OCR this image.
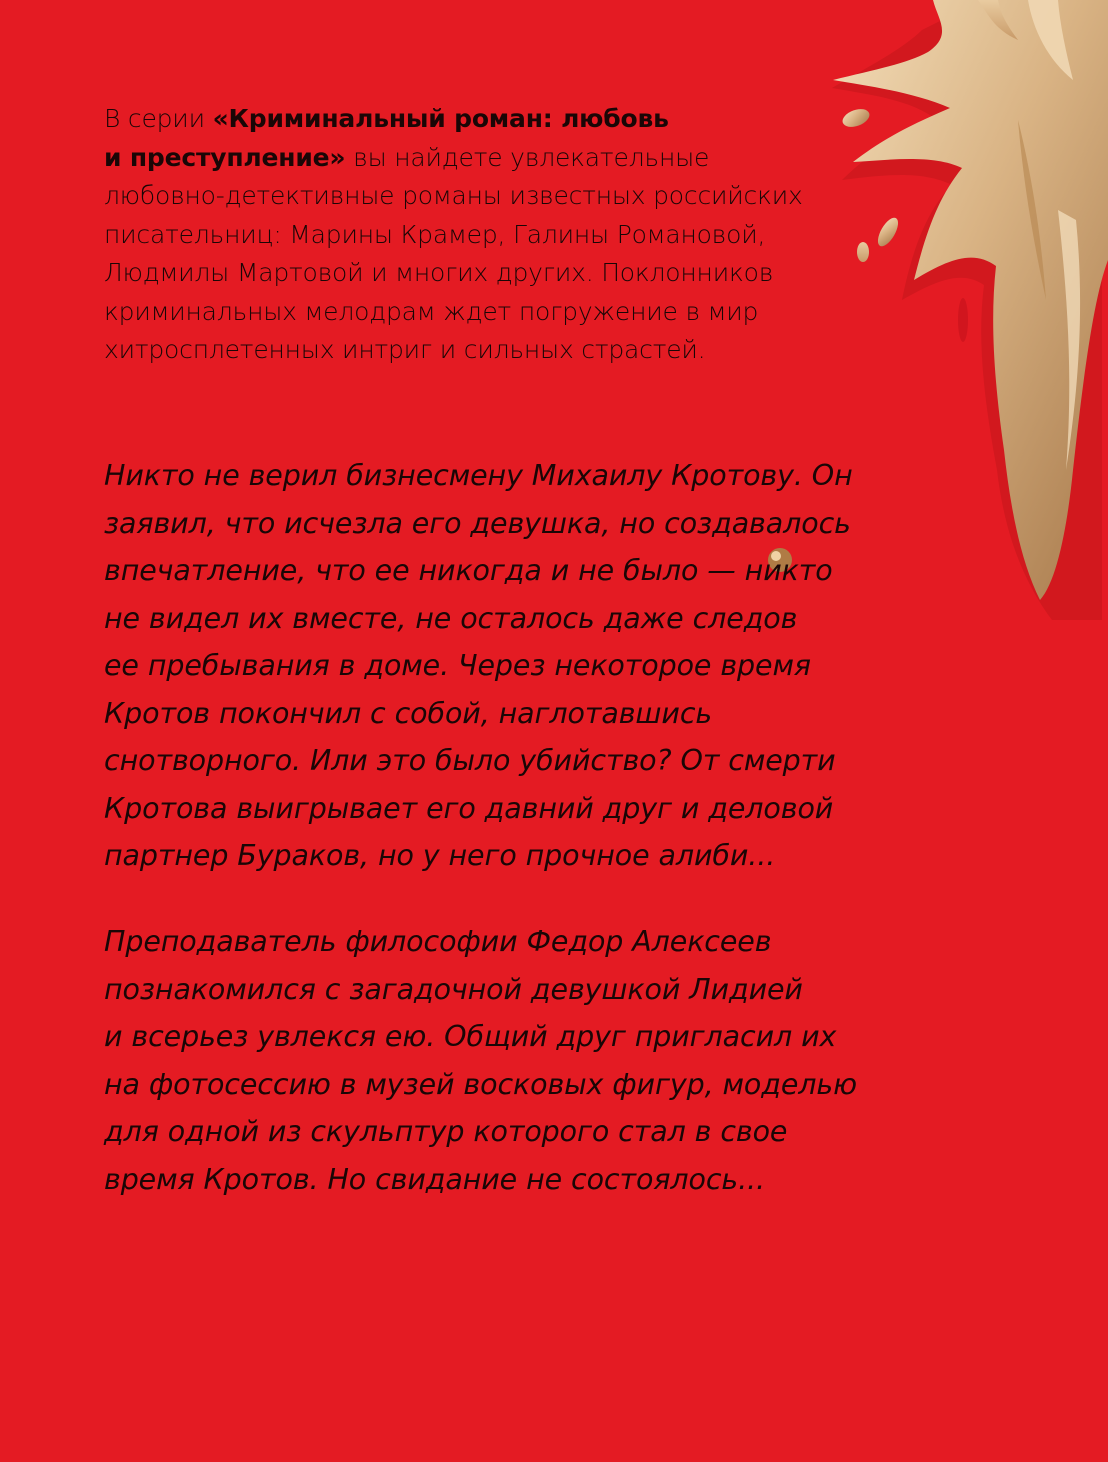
В серии «Криминальный роман: любовь
и преступление» вы найдете увлекательные
любовно-детективные романы известных российских
писательниц: Марины Крамер, Галины Романовой,
Людмилы Мартовой и многих других. Поклонников
криминальных мелодрам ждет погружение в мир
хитросплетенных интриг и сильных страстей.
Никто не верил бизнесмену Михаилу Кротову. Он
заявил, что исчезла его девушка, но создавалось
впечатление, что ее никогда и не было — никто
не видел их вместе, не осталось даже следов
ее пребывания в доме. Через некоторое время
Кротов покончил с собой, наглотавшись
снотворного. Или это было убийство? От смерти
Кротова выигрывает его давний друг и деловой
партнер Бураков, но у него прочное алиби...
Преподаватель философии Федор Алексеев
познакомился с загадочной девушкой Лидией
и всерьез увлекся ею. Общий друг пригласил их
на фотосессию в музей восковых фигур, моделью
для одной из скульптур которого стал в свое
время Кротов. Но свидание не состоялось...
